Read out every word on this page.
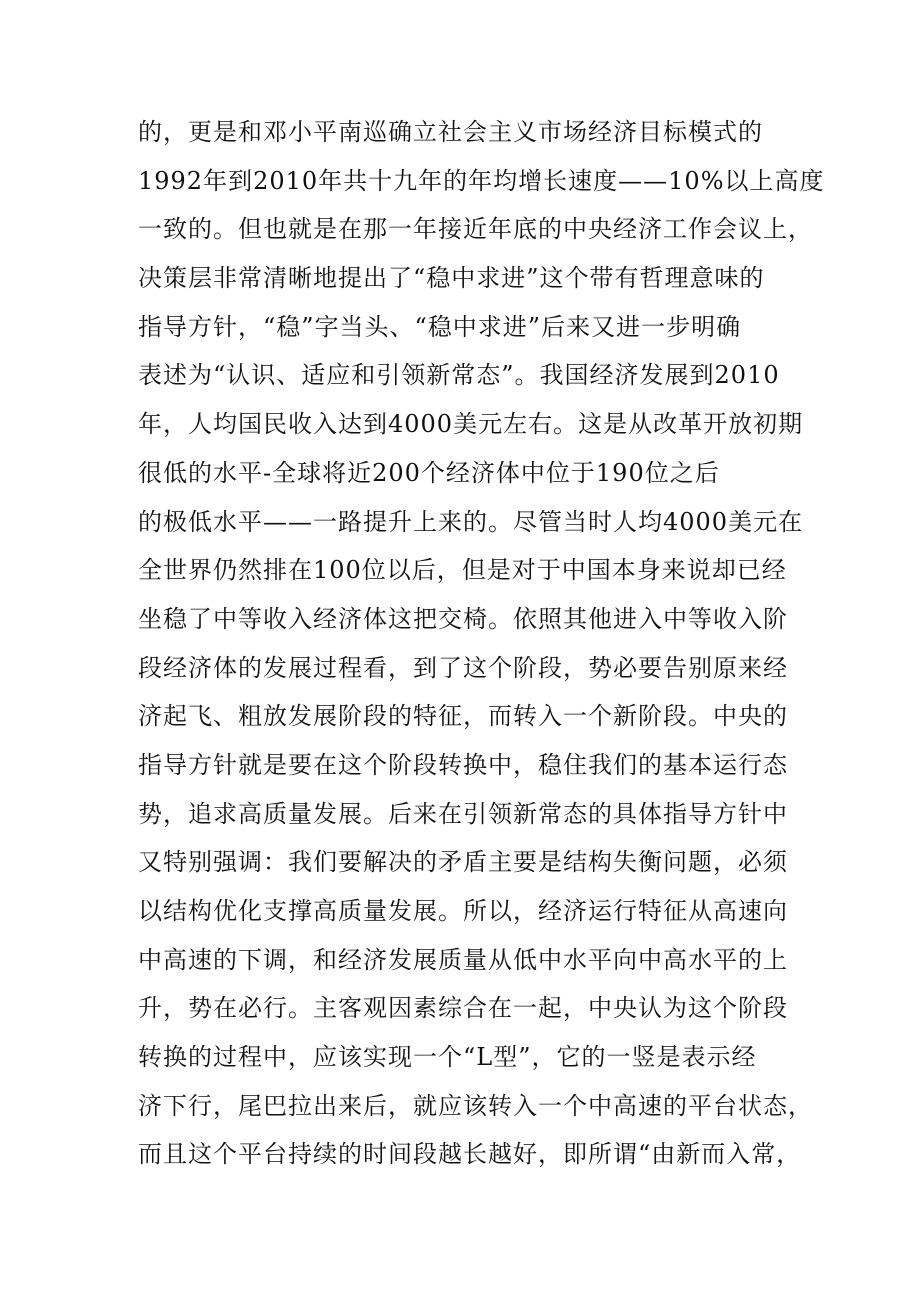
的，更是和邓小平南巡确立社会主义市场经济目标模式的
1992年到2010年共十九年的年均增长速度——10%以上高度
一致的。但也就是在那一年接近年底的中央经济工作会议上，
决策层非常清晰地提出了“稳中求进”这个带有哲理意味的
指导方针，“稳”字当头、“稳中求进”后来又进一步明确
表述为“认识、适应和引领新常态”。我国经济发展到2010
年，人均国民收入达到4000美元左右。这是从改革开放初期
很低的水平-全球将近200个经济体中位于190位之后
的极低水平——一路提升上来的。尽管当时人均4000美元在
全世界仍然排在100位以后，但是对于中国本身来说却已经
坐稳了中等收入经济体这把交椅。依照其他进入中等收入阶
段经济体的发展过程看，到了这个阶段，势必要告别原来经
济起飞、粗放发展阶段的特征，而转入一个新阶段。中央的
指导方针就是要在这个阶段转换中，稳住我们的基本运行态
势，追求高质量发展。后来在引领新常态的具体指导方针中
又特别强调：我们要解决的矛盾主要是结构失衡问题，必须
以结构优化支撑高质量发展。所以，经济运行特征从高速向
中高速的下调，和经济发展质量从低中水平向中高水平的上
升，势在必行。主客观因素综合在一起，中央认为这个阶段
转换的过程中，应该实现一个“L型”，它的一竖是表示经
济下行，尾巴拉出来后，就应该转入一个中高速的平台状态，
而且这个平台持续的时间段越长越好，即所谓“由新而入常，
